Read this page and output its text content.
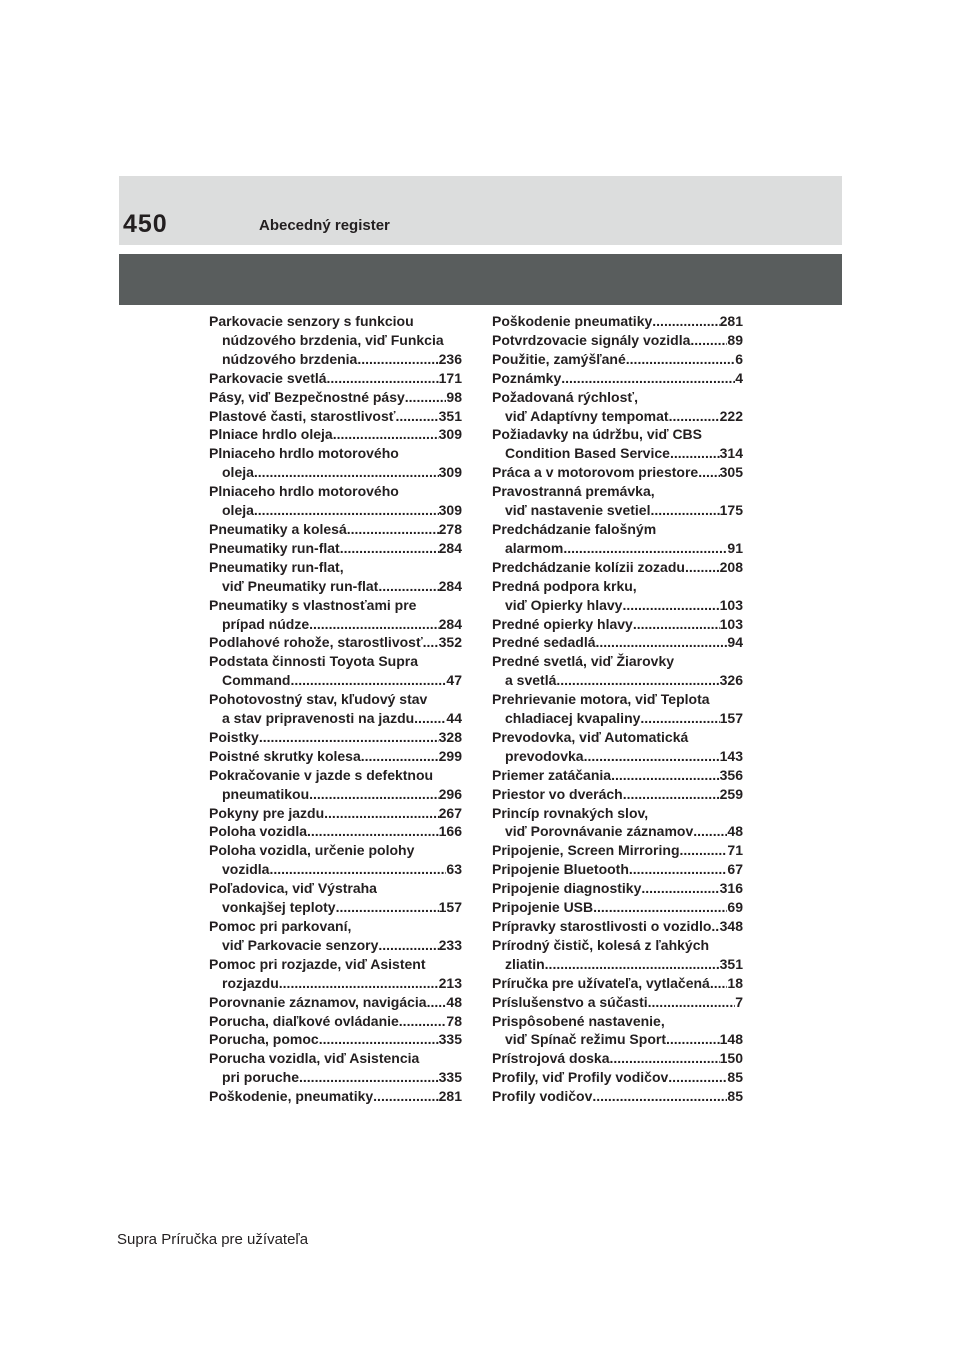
450	Abecedný register
Parkovacie senzory s funkciou
núdzového brzdenia, viď Funkcia
núdzového brzdenia .....	236
Parkovacie svetlá .....	171
Pásy, viď Bezpečnostné pásy .....	98
Plastové časti, starostlivosť .....	351
Plniace hrdlo oleja .....	309
Plniaceho hrdlo motorového
oleja .....	309
Plniaceho hrdlo motorového
oleja .....	309
Pneumatiky a kolesá .....	278
Pneumatiky run-flat .....	284
Pneumatiky run-flat,
viď Pneumatiky run-flat .....	284
Pneumatiky s vlastnosťami pre
prípad núdze .....	284
Podlahové rohože, starostlivosť ..... 352
Podstata činnosti Toyota Supra
Command .....	47
Pohotovostný stav, kľudový stav
a stav pripravenosti na jazdu ..... 44
Poistky .....	328
Poistné skrutky kolesa .....	299
Pokračovanie v jazde s defektnou
pneumatikou .....	296
Pokyny pre jazdu .....	267
Poloha vozidla .....	166
Poloha vozidla, určenie polohy
vozidla .....	63
Poľadovica, viď Výstraha
vonkajšej teploty .....	157
Pomoc pri parkovaní,
viď Parkovacie senzory .....	233
Pomoc pri rozjazde, viď Asistent
rozjazdu .....	213
Porovnanie záznamov, navigácia ..... 48
Porucha, diaľkové ovládanie .....	78
Porucha, pomoc .....	335
Porucha vozidla, viď Asistencia
pri poruche .....	335
Poškodenie, pneumatiky .....	281
Poškodenie pneumatiky .....	281
Potvrdzovacie signály vozidla .....	89
Použitie, zamýšľané .....	6
Poznámky .....	4
Požadovaná rýchlosť,
viď Adaptívny tempomat .....	222
Požiadavky na údržbu, viď CBS
Condition Based Service .....	314
Práca a v motorovom priestore ..... 305
Pravostranná premávka,
viď nastavenie svetiel .....	175
Predchádzanie falošným
alarmom .....	91
Predchádzanie kolízii zozadu ..... 208
Predná podpora krku,
viď Opierky hlavy .....	103
Predné opierky hlavy .....	103
Predné sedadlá .....	94
Predné svetlá, viď Žiarovky
a svetlá .....	326
Prehrievanie motora, viď Teplota
chladiacej kvapaliny .....	157
Prevodovka, viď Automatická
prevodovka .....	143
Priemer zatáčania .....	356
Priestor vo dverách .....	259
Princíp rovnakých slov,
viď Porovnávanie záznamov ..... 48
Pripojenie, Screen Mirroring .....	71
Pripojenie Bluetooth .....	67
Pripojenie diagnostiky .....	316
Pripojenie USB .....	69
Prípravky starostlivosti o vozidlo ..... 348
Prírodný čistič, kolesá z ľahkých
zliatin .....	351
Príručka pre užívateľa, vytlačená ..... 18
Príslušenstvo a súčasti .....	7
Prispôsobené nastavenie,
viď Spínač režimu Sport .....	148
Prístrojová doska .....	150
Profily, viď Profily vodičov .....	85
Profily vodičov .....	85
Supra Príručka pre užívateľa
